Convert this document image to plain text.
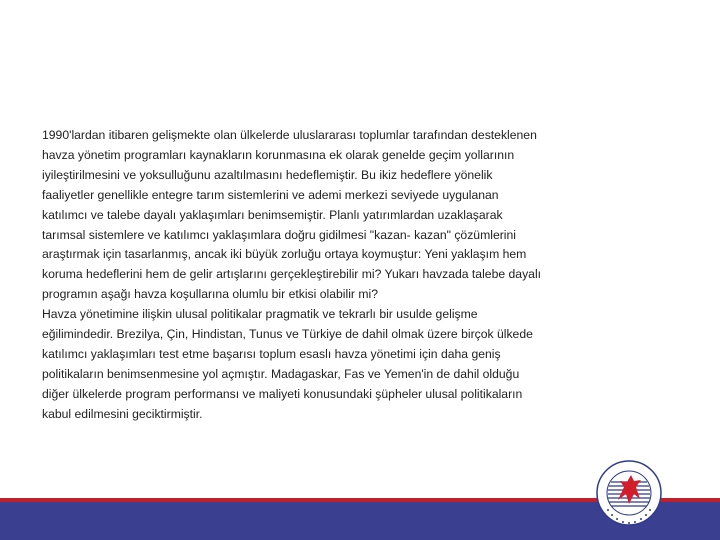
1990'lardan itibaren gelişmekte olan ülkelerde uluslararası toplumlar tarafından desteklenen
havza yönetim programları kaynakların korunmasına ek olarak genelde geçim yollarının
iyileştirilmesini ve yoksulluğunu azaltılmasını hedeflemiştir. Bu ikiz hedeflere yönelik
faaliyetler genellikle entegre tarım sistemlerini ve ademi merkezi seviyede uygulanan
katılımcı ve talebe dayalı yaklaşımları benimsemiştir. Planlı yatırımlardan uzaklaşarak
tarımsal sistemlere ve katılımcı yaklaşımlara doğru gidilmesi "kazan- kazan" çözümlerini
araştırmak için tasarlanmış, ancak iki büyük zorluğu ortaya koymuştur: Yeni yaklaşım hem
koruma hedeflerini hem de gelir artışlarını gerçekleştirebilir mi? Yukarı havzada talebe dayalı
programın aşağı havza koşullarına olumlu bir etkisi olabilir mi?
Havza yönetimine ilişkin ulusal politikalar pragmatik ve tekrarlı bir usulde gelişme
eğilimindedir. Brezilya, Çin, Hindistan, Tunus ve Türkiye de dahil olmak üzere birçok ülkede
katılımcı yaklaşımları test etme başarısı toplum esaslı havza yönetimi için daha geniş
politikaların benimsenmesine yol açmıştır. Madagaskar, Fas ve Yemen'in de dahil olduğu
diğer ülkelerde program performansı ve maliyeti konusundaki şüpheler ulusal politikaların
kabul edilmesini geciktirmiştir.
